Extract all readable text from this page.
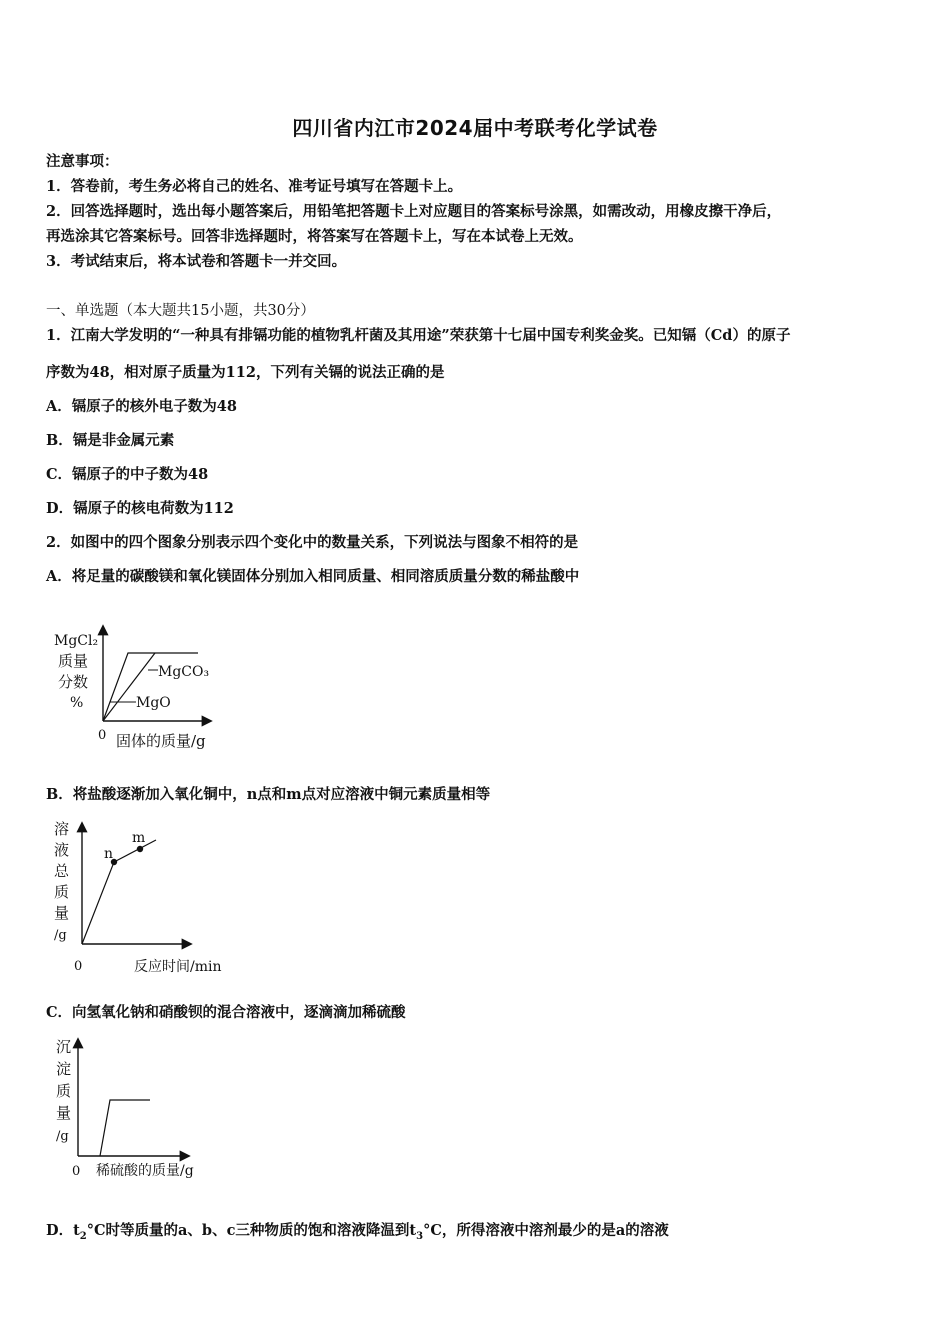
四川省内江市2024届中考联考化学试卷
注意事项：
1．答卷前，考生务必将自己的姓名、准考证号填写在答题卡上。
2．回答选择题时，选出每小题答案后，用铅笔把答题卡上对应题目的答案标号涂黑，如需改动，用橡皮擦干净后，
再选涂其它答案标号。回答非选择题时，将答案写在答题卡上，写在本试卷上无效。
3．考试结束后，将本试卷和答题卡一并交回。
一、单选题（本大题共15小题，共30分）
1．江南大学发明的“一种具有排镉功能的植物乳杆菌及其用途”荣获第十七届中国专利奖金奖。已知镉（Cd）的原子
序数为48，相对原子质量为112，下列有关镉的说法正确的是
A．镉原子的核外电子数为48
B．镉是非金属元素
C．镉原子的中子数为48
D．镉原子的核电荷数为112
2．如图中的四个图象分别表示四个变化中的数量关系，下列说法与图象不相符的是
A．将足量的碳酸镁和氧化镁固体分别加入相同质量、相同溶质质量分数的稀盐酸中
MgCl₂
质量
分数
%
MgCO₃
MgO
0 固体的质量/g
B．将盐酸逐渐加入氧化铜中，n点和m点对应溶液中铜元素质量相等
n
m
溶
液
总
质
量
/g
0	反应时间/min
C．向氢氧化钠和硝酸钡的混合溶液中，逐滴滴加稀硫酸
沉
淀
质
量
/g
0 稀硫酸的质量/g
D．$t_2^\circ C$时等质量的a、b、c三种物质的饱和溶液降温到$t_3^\circ C$，所得溶液中溶剂最少的是a的溶液
